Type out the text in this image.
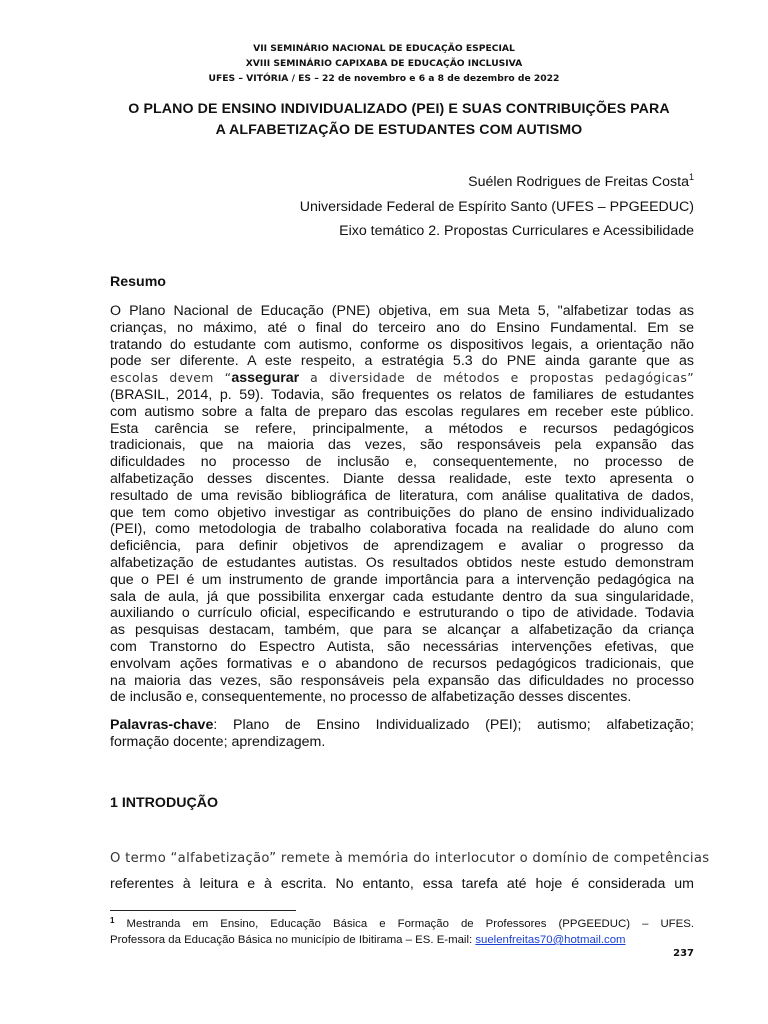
VII SEMINÁRIO NACIONAL DE EDUCAÇÃO ESPECIAL
XVIII SEMINÁRIO CAPIXABA DE EDUCAÇÃO INCLUSIVA
UFES – VITÓRIA / ES – 22 de novembro e 6 a 8 de dezembro de 2022
O PLANO DE ENSINO INDIVIDUALIZADO (PEI) E SUAS CONTRIBUIÇÕES PARA
A ALFABETIZAÇÃO DE ESTUDANTES COM AUTISMO
Suélen Rodrigues de Freitas Costa$^1$
Universidade Federal de Espírito Santo (UFES – PPGEEDUC)
Eixo temático 2. Propostas Curriculares e Acessibilidade
Resumo
O Plano Nacional de Educação (PNE) objetiva, em sua Meta 5, "alfabetizar todas as
crianças, no máximo, até o final do terceiro ano do Ensino Fundamental. Em se
tratando do estudante com autismo, conforme os dispositivos legais, a orientação não
pode ser diferente. A este respeito, a estratégia 5.3 do PNE ainda garante que as
escolas devem “assegurar a diversidade de métodos e propostas pedagógicas”
(BRASIL, 2014, p. 59). Todavia, são frequentes os relatos de familiares de estudantes
com autismo sobre a falta de preparo das escolas regulares em receber este público.
Esta carência se refere, principalmente, a métodos e recursos pedagógicos
tradicionais, que na maioria das vezes, são responsáveis pela expansão das
dificuldades no processo de inclusão e, consequentemente, no processo de
alfabetização desses discentes. Diante dessa realidade, este texto apresenta o
resultado de uma revisão bibliográfica de literatura, com análise qualitativa de dados,
que tem como objetivo investigar as contribuições do plano de ensino individualizado
(PEI), como metodologia de trabalho colaborativa focada na realidade do aluno com
deficiência, para definir objetivos de aprendizagem e avaliar o progresso da
alfabetização de estudantes autistas. Os resultados obtidos neste estudo demonstram
que o PEI é um instrumento de grande importância para a intervenção pedagógica na
sala de aula, já que possibilita enxergar cada estudante dentro da sua singularidade,
auxiliando o currículo oficial, especificando e estruturando o tipo de atividade. Todavia
as pesquisas destacam, também, que para se alcançar a alfabetização da criança
com Transtorno do Espectro Autista, são necessárias intervenções efetivas, que
envolvam ações formativas e o abandono de recursos pedagógicos tradicionais, que
na maioria das vezes, são responsáveis pela expansão das dificuldades no processo
de inclusão e, consequentemente, no processo de alfabetização desses discentes.
Palavras-chave: Plano de Ensino Individualizado (PEI); autismo; alfabetização;
formação docente; aprendizagem.
1 INTRODUÇÃO
O termo “alfabetização” remete à memória do interlocutor o domínio de competências
referentes à leitura e à escrita. No entanto, essa tarefa até hoje é considerada um
$^1$ Mestranda em Ensino, Educação Básica e Formação de Professores (PPGEEDUC) – UFES.
Professora da Educação Básica no município de Ibitirama – ES. E-mail: suelenfreitas70@hotmail.com
237
